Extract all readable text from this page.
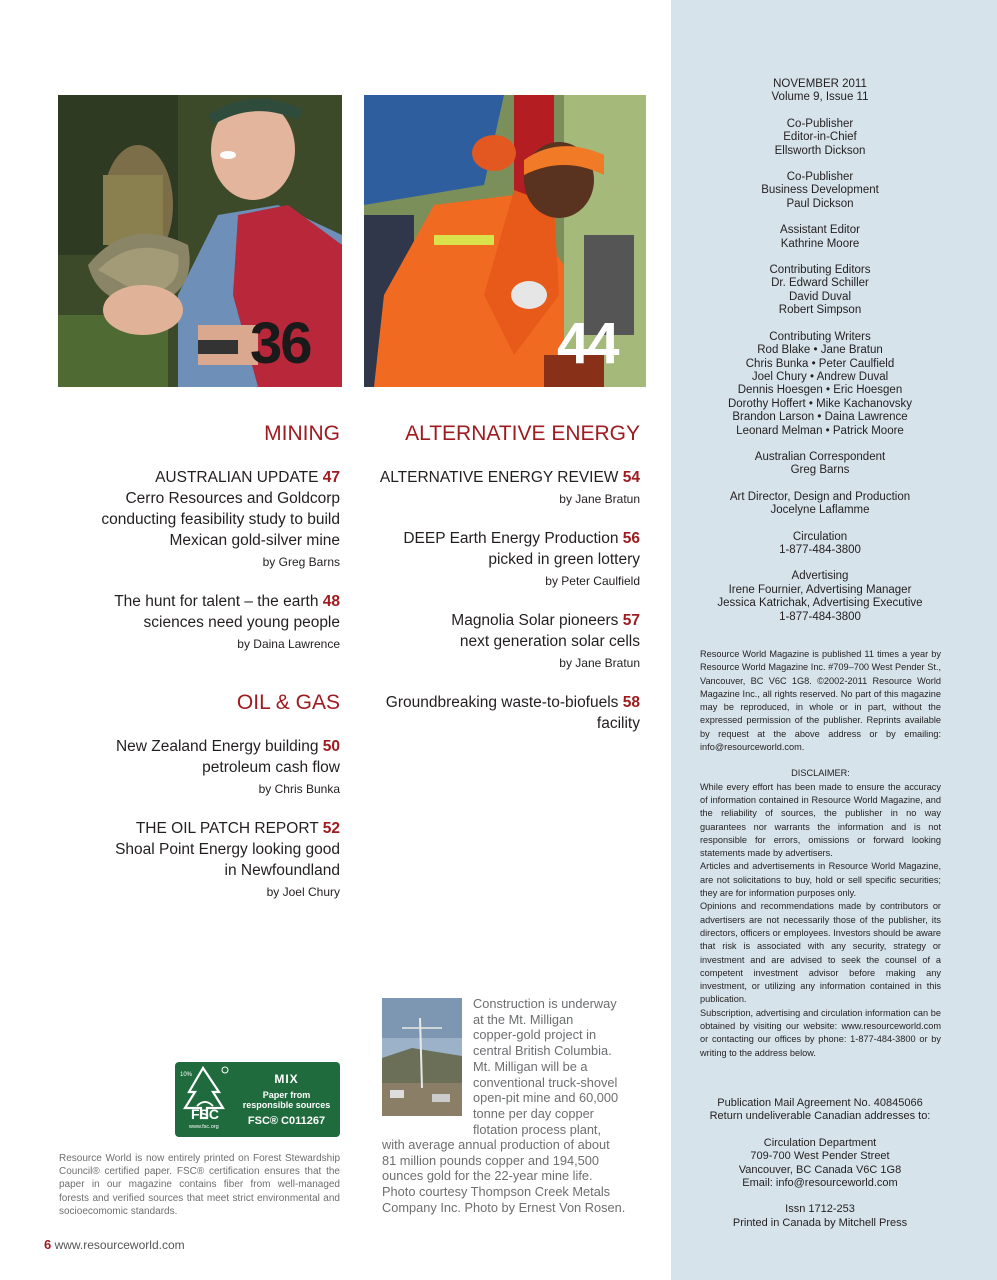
36	44
MINING
AUSTRALIAN UPDATE 47
Cerro Resources and Goldcorp
conducting feasibility study to build
Mexican gold-silver mine
by Greg Barns
The hunt for talent – the earth 48
sciences need young people
by Daina Lawrence
OIL & GAS
New Zealand Energy building 50
petroleum cash flow
by Chris Bunka
THE OIL PATCH REPORT 52
Shoal Point Energy looking good
in Newfoundland
by Joel Chury
ALTERNATIVE ENERGY
ALTERNATIVE ENERGY REVIEW 54
by Jane Bratun
DEEP Earth Energy Production 56
picked in green lottery
by Peter Caulfield
Magnolia Solar pioneers 57
next generation solar cells
by Jane Bratun
Groundbreaking waste-to-biofuels 58
facility
Construction is underway
at the Mt. Milligan
copper-gold project in
central British Columbia.
Mt. Milligan will be a
conventional truck-shovel
open-pit mine and 60,000
tonne per day copper
flotation process plant,
with average annual production of about
81 million pounds copper and 194,500
ounces gold for the 22-year mine life.
Photo courtesy Thompson Creek Metals
Company Inc. Photo by Ernest Von Rosen.
10%
FSC
www.fsc.org
MIX
Paper from
responsible sources
FSC® C011267
Resource World is now entirely printed on Forest Stewardship Council® certified paper. FSC® certification ensures that the paper in our magazine contains fiber from well-managed forests and verified sources that meet strict environmental and socioecomomic standards.
6 www.resourceworld.com
NOVEMBER 2011
Volume 9, Issue 11
Co-Publisher
Editor-in-Chief
Ellsworth Dickson
Co-Publisher
Business Development
Paul Dickson
Assistant Editor
Kathrine Moore
Contributing Editors
Dr. Edward Schiller
David Duval
Robert Simpson
Contributing Writers
Rod Blake • Jane Bratun
Chris Bunka • Peter Caulfield
Joel Chury • Andrew Duval
Dennis Hoesgen • Eric Hoesgen
Dorothy Hoffert • Mike Kachanovsky
Brandon Larson • Daina Lawrence
Leonard Melman • Patrick Moore
Australian Correspondent
Greg Barns
Art Director, Design and Production
Jocelyne Laflamme
Circulation
1-877-484-3800
Advertising
Irene Fournier, Advertising Manager
Jessica Katrichak, Advertising Executive
1-877-484-3800

Resource World Magazine is published 11 times a year by Resource World Magazine Inc. #709–700 West Pender St., Vancouver, BC V6C 1G8. ©2002-2011 Resource World Magazine Inc., all rights reserved. No part of this magazine may be reproduced, in whole or in part, without the expressed permission of the publisher. Reprints available by request at the above address or by emailing: info@resourceworld.com.

DISCLAIMER:

While every effort has been made to ensure the accuracy of information contained in Resource World Magazine, and the reliability of sources, the publisher in no way guarantees nor warrants the information and is not responsible for errors, omissions or forward looking statements made by advertisers.

Articles and advertisements in Resource World Magazine, are not solicitations to buy, hold or sell specific securities; they are for information purposes only.

Opinions and recommendations made by contributors or advertisers are not necessarily those of the publisher, its directors, officers or employees. Investors should be aware that risk is associated with any security, strategy or investment and are advised to seek the counsel of a competent investment advisor before making any investment, or utilizing any information contained in this publication.

Subscription, advertising and circulation information can be obtained by visiting our website: www.resourceworld.com or contacting our offices by phone: 1-877-484-3800 or by writing to the address below.

Publication Mail Agreement No. 40845066
Return undeliverable Canadian addresses to:
Circulation Department
709-700 West Pender Street
Vancouver, BC Canada V6C 1G8
Email: info@resourceworld.com
Issn 1712-253
Printed in Canada by Mitchell Press
